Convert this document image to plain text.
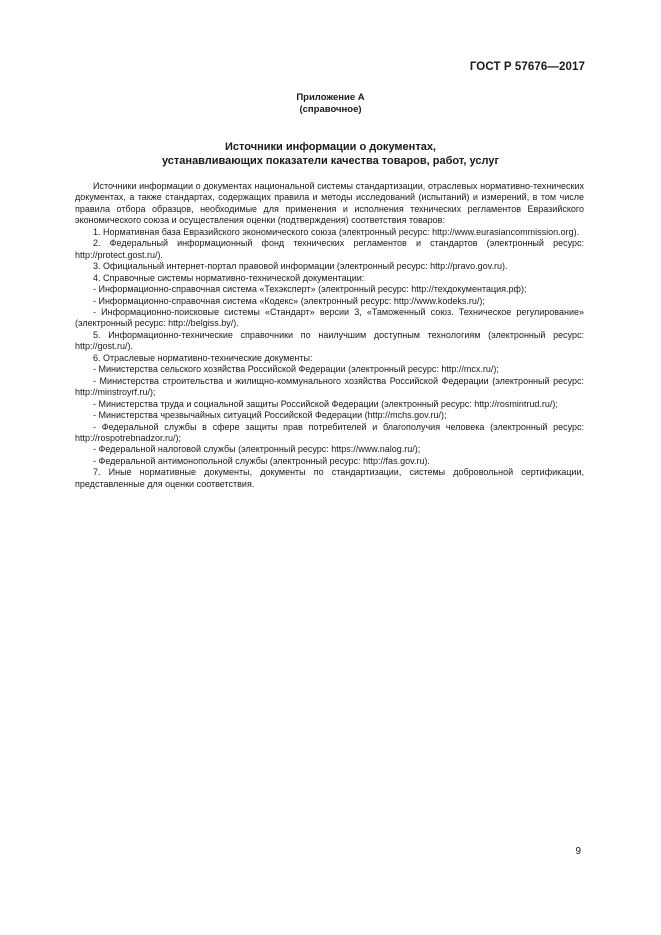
ГОСТ Р 57676—2017
Приложение А
(справочное)
Источники информации о документах,
устанавливающих показатели качества товаров, работ, услуг

Источники информации о документах национальной системы стандартизации, отраслевых нормативно-технических документах, а также стандартах, содержащих правила и методы исследований (испытаний) и измерений, в том числе правила отбора образцов, необходимые для применения и исполнения технических регламентов Евразийского экономического союза и осуществления оценки (подтверждения) соответствия товаров:

1. Нормативная база Евразийского экономического союза (электронный ресурс: http://www.eurasiancommission.org).

2. Федеральный информационный фонд технических регламентов и стандартов (электронный ресурс: http://protect.gost.ru/).

3. Официальный интернет-портал правовой информации (электронный ресурс: http://pravo.gov.ru).

4. Справочные системы нормативно-технической документации:

- Информационно-справочная система «Техэксперт» (электронный ресурс: http://техдокументация.рф);

- Информационно-справочная система «Кодекс» (электронный ресурс: http://www.kodeks.ru/);

- Информационно-поисковые системы «Стандарт» версии 3, «Таможенный союз. Техническое регулирование» (электронный ресурс: http://belgiss.by/).

5. Информационно-технические справочники по наилучшим доступным технологиям (электронный ресурс: http://gost.ru/).

6. Отраслевые нормативно-технические документы:

- Министерства сельского хозяйства Российской Федерации (электронный ресурс: http://mcx.ru/);

- Министерства строительства и жилищно-коммунального хозяйства Российской Федерации (электронный ресурс: http://minstroyrf.ru/);

- Министерства труда и социальной защиты Российской Федерации (электронный ресурс: http://rosmintrud.ru/);

- Министерства чрезвычайных ситуаций Российской Федерации (http://mchs.gov.ru/);

- Федеральной службы в сфере защиты прав потребителей и благополучия человека (электронный ресурс: http://rospotrebnadzor.ru/);

- Федеральной налоговой службы (электронный ресурс: https://www.nalog.ru/);

- Федеральной антимонопольной службы (электронный ресурс: http://fas.gov.ru).

7. Иные нормативные документы, документы по стандартизации, системы добровольной сертификации, представленные для оценки соответствия.

9
